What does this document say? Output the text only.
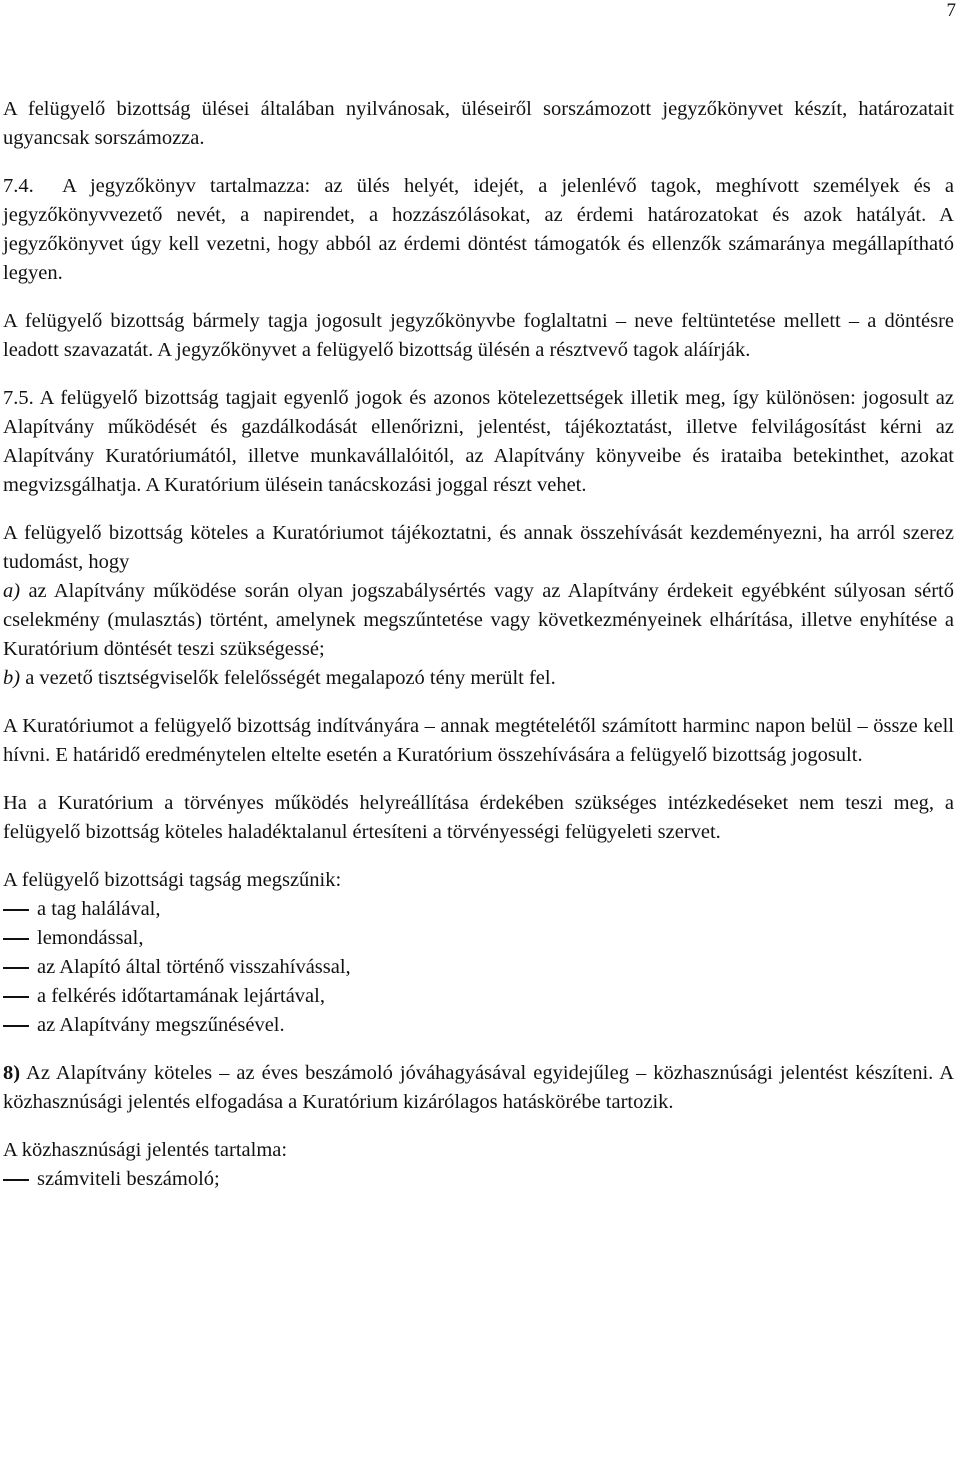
7

A felügyelő bizottság ülései általában nyilvánosak, üléseiről sorszámozott jegyzőkönyvet készít, határozatait ugyancsak sorszámozza.

7.4. A jegyzőkönyv tartalmazza: az ülés helyét, idejét, a jelenlévő tagok, meghívott személyek és a jegyzőkönyvvezető nevét, a napirendet, a hozzászólásokat, az érdemi határozatokat és azok hatályát. A jegyzőkönyvet úgy kell vezetni, hogy abból az érdemi döntést támogatók és ellenzők számaránya megállapítható legyen.

A felügyelő bizottság bármely tagja jogosult jegyzőkönyvbe foglaltatni – neve feltüntetése mellett – a döntésre leadott szavazatát. A jegyzőkönyvet a felügyelő bizottság ülésén a résztvevő tagok aláírják.

7.5. A felügyelő bizottság tagjait egyenlő jogok és azonos kötelezettségek illetik meg, így különösen: jogosult az Alapítvány működését és gazdálkodását ellenőrizni, jelentést, tájékoztatást, illetve felvilágosítást kérni az Alapítvány Kuratóriumától, illetve munkavállalóitól, az Alapítvány könyveibe és irataiba betekinthet, azokat megvizsgálhatja. A Kuratórium ülésein tanácskozási joggal részt vehet.

A felügyelő bizottság köteles a Kuratóriumot tájékoztatni, és annak összehívását kezdeményezni, ha arról szerez tudomást, hogy
a) az Alapítvány működése során olyan jogszabálysértés vagy az Alapítvány érdekeit egyébként súlyosan sértő cselekmény (mulasztás) történt, amelynek megszűntetése vagy következményeinek elhárítása, illetve enyhítése a Kuratórium döntését teszi szükségessé;
b) a vezető tisztségviselők felelősségét megalapozó tény merült fel.

A Kuratóriumot a felügyelő bizottság indítványára – annak megtételétől számított harminc napon belül – össze kell hívni. E határidő eredménytelen eltelte esetén a Kuratórium összehívására a felügyelő bizottság jogosult.

Ha a Kuratórium a törvényes működés helyreállítása érdekében szükséges intézkedéseket nem teszi meg, a felügyelő bizottság köteles haladéktalanul értesíteni a törvényességi felügyeleti szervet.

A felügyelő bizottsági tagság megszűnik:

a tag halálával,
lemondással,
az Alapító által történő visszahívással,
a felkérés időtartamának lejártával,
az Alapítvány megszűnésével.

8) Az Alapítvány köteles – az éves beszámoló jóváhagyásával egyidejűleg – közhasznúsági jelentést készíteni. A közhasznúsági jelentés elfogadása a Kuratórium kizárólagos hatáskörébe tartozik.

A közhasznúsági jelentés tartalma:

számviteli beszámoló;
